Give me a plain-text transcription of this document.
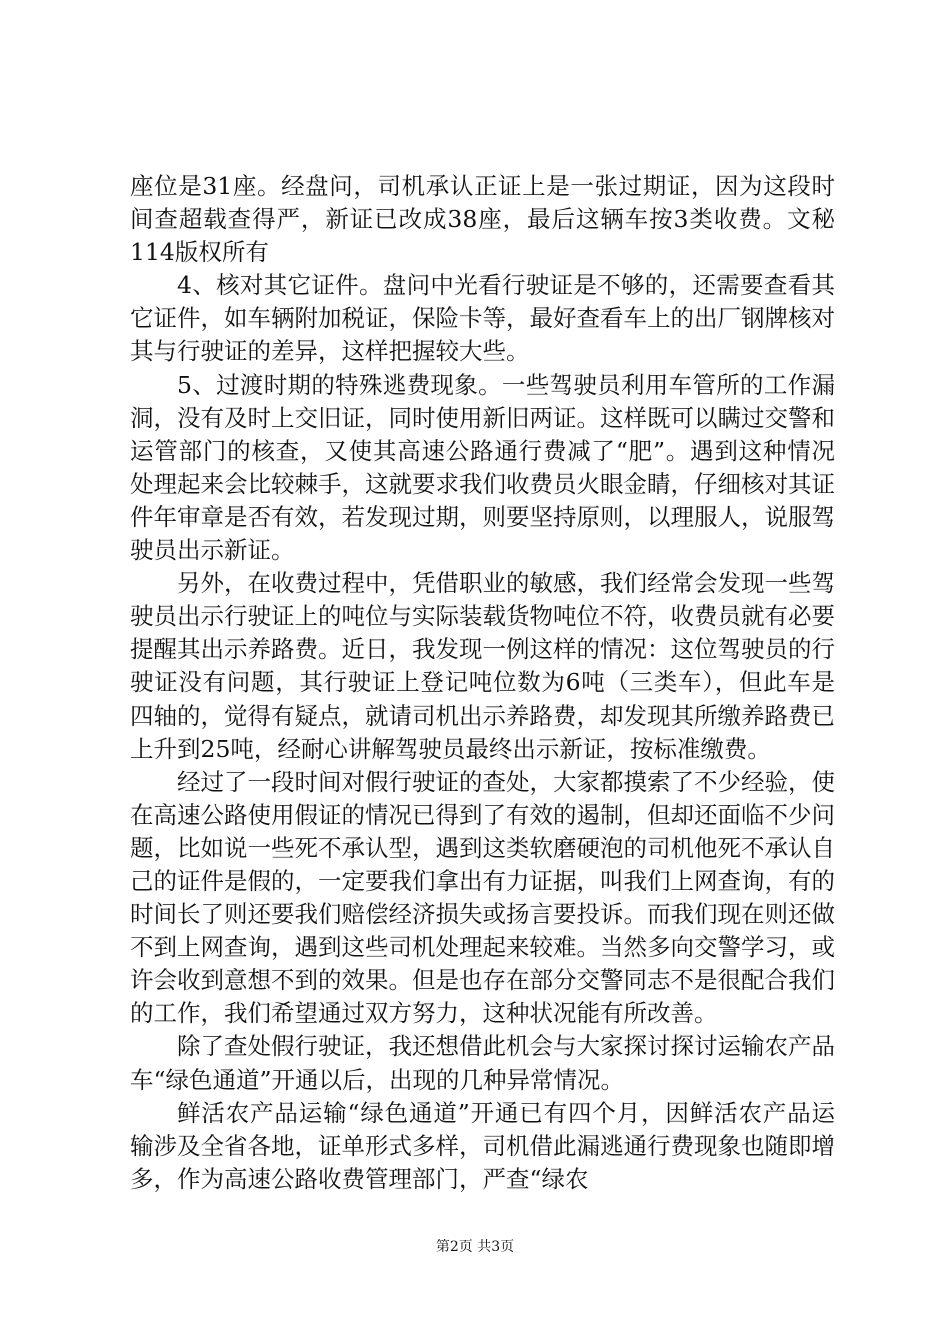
座位是31座。经盘问，司机承认正证上是一张过期证，因为这段时间查超载查得严，新证已改成38座，最后这辆车按3类收费。文秘114版权所有

4、核对其它证件。盘问中光看行驶证是不够的，还需要查看其它证件，如车辆附加税证，保险卡等，最好查看车上的出厂钢牌核对其与行驶证的差异，这样把握较大些。

5、过渡时期的特殊逃费现象。一些驾驶员利用车管所的工作漏洞，没有及时上交旧证，同时使用新旧两证。这样既可以瞒过交警和运管部门的核查，又使其高速公路通行费减了“肥”。遇到这种情况处理起来会比较棘手，这就要求我们收费员火眼金睛，仔细核对其证件年审章是否有效，若发现过期，则要坚持原则，以理服人，说服驾驶员出示新证。

另外，在收费过程中，凭借职业的敏感，我们经常会发现一些驾驶员出示行驶证上的吨位与实际装载货物吨位不符，收费员就有必要提醒其出示养路费。近日，我发现一例这样的情况：这位驾驶员的行驶证没有问题，其行驶证上登记吨位数为6吨（三类车），但此车是四轴的，觉得有疑点，就请司机出示养路费，却发现其所缴养路费已上升到25吨，经耐心讲解驾驶员最终出示新证，按标准缴费。

经过了一段时间对假行驶证的查处，大家都摸索了不少经验，使在高速公路使用假证的情况已得到了有效的遏制，但却还面临不少问题，比如说一些死不承认型，遇到这类软磨硬泡的司机他死不承认自己的证件是假的，一定要我们拿出有力证据，叫我们上网查询，有的时间长了则还要我们赔偿经济损失或扬言要投诉。而我们现在则还做不到上网查询，遇到这些司机处理起来较难。当然多向交警学习，或许会收到意想不到的效果。但是也存在部分交警同志不是很配合我们的工作，我们希望通过双方努力，这种状况能有所改善。

除了查处假行驶证，我还想借此机会与大家探讨探讨运输农产品车“绿色通道”开通以后，出现的几种异常情况。

鲜活农产品运输“绿色通道”开通已有四个月，因鲜活农产品运输涉及全省各地，证单形式多样，司机借此漏逃通行费现象也随即增多，作为高速公路收费管理部门，严查“绿农

第2页 共3页
